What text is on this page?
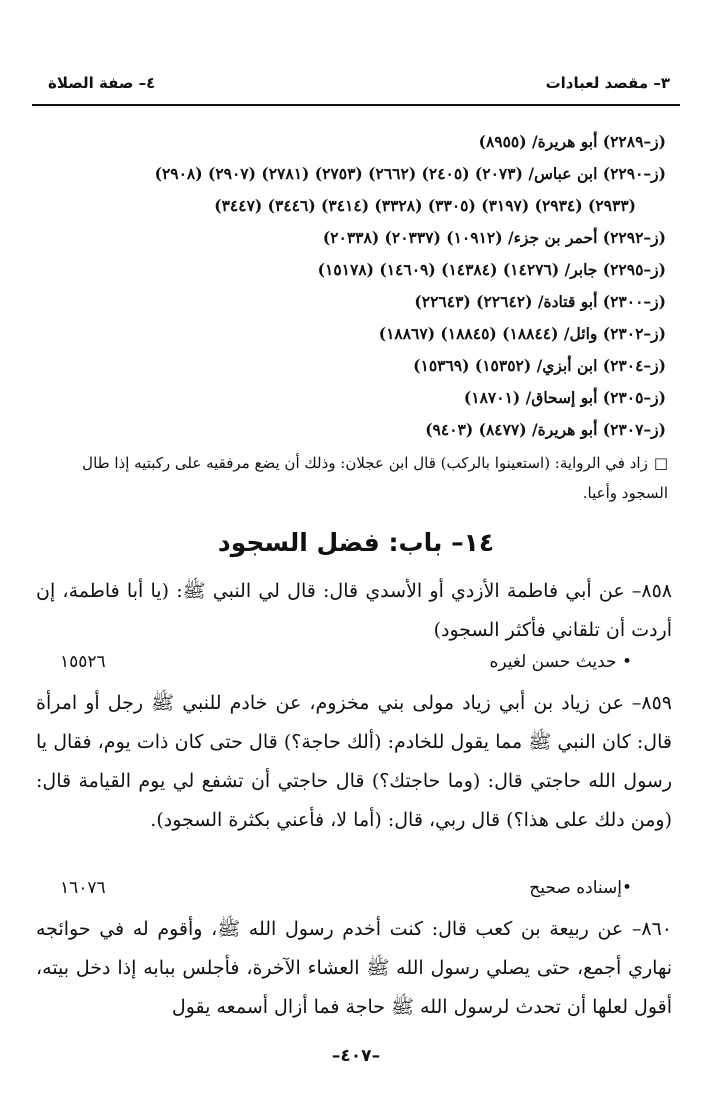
٣– مقصد لعبادات
٤– صفة الصلاة
(ز–٢٢٨٩) أبو هريرة/ (٨٩٥٥)
(ز–٢٢٩٠) ابن عباس/ (٢٠٧٣) (٢٤٠٥) (٢٦٦٢) (٢٧٥٣) (٢٧٨١) (٢٩٠٧) (٢٩٠٨)
(٢٩٣٣) (٢٩٣٤) (٣١٩٧) (٣٣٠٥) (٣٣٢٨) (٣٤١٤) (٣٤٤٦) (٣٤٤٧)
(ز–٢٢٩٢) أحمر بن جزء/ (١٠٩١٢) (٢٠٣٣٧) (٢٠٣٣٨)
(ز–٢٢٩٥) جابر/ (١٤٢٧٦) (١٤٣٨٤) (١٤٦٠٩) (١٥١٧٨)
(ز–٢٣٠٠) أبو قتادة/ (٢٢٦٤٢) (٢٢٦٤٣)
(ز–٢٣٠٢) وائل/ (١٨٨٤٤) (١٨٨٤٥) (١٨٨٦٧)
(ز–٢٣٠٤) ابن أبزي/ (١٥٣٥٢) (١٥٣٦٩)
(ز–٢٣٠٥) أبو إسحاق/ (١٨٧٠١)
(ز–٢٣٠٧) أبو هريرة/ (٨٤٧٧) (٩٤٠٣)
□زاد في الرواية: (استعينوا بالركب) قال ابن عجلان: وذلك أن يضع مرفقيه على ركبتيه إذا طال السجود وأعيا.
١٤– باب: فضل السجود
٨٥٨– عن أبي فاطمة الأزدي أو الأسدي قال: قال لي النبي ﷺ: (يا أبا فاطمة، إن أردت أن تلقاني فأكثر السجود)
• حديث حسن لغيره
١٥٥٢٦
٨٥٩– عن زياد بن أبي زياد مولى بني مخزوم، عن خادم للنبي ﷺ رجل أو امرأة قال: كان النبي ﷺ مما يقول للخادم: (ألك حاجة؟) قال حتى كان ذات يوم، فقال يا رسول الله حاجتي قال: (وما حاجتك؟) قال حاجتي أن تشفع لي يوم القيامة قال: (ومن دلك على هذا؟) قال ربي، قال: (أما لا، فأعني بكثرة السجود).
•إسناده صحيح
١٦٠٧٦
٨٦٠– عن ربيعة بن كعب قال: كنت أخدم رسول الله ﷺ، وأقوم له في حوائجه نهاري أجمع، حتى يصلي رسول الله ﷺ العشاء الآخرة، فأجلس ببابه إذا دخل بيته، أقول لعلها أن تحدث لرسول الله ﷺ حاجة فما أزال أسمعه يقول
–٤٠٧–
